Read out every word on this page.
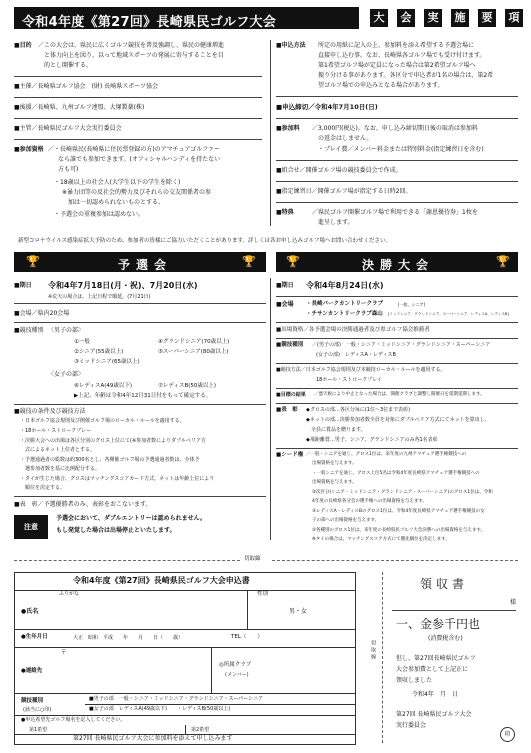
令和4年度《第27回》長崎県民ゴルフ大会	大	会	実	施	要	項
■目的 ／この大会は、県民に広くゴルフ競技を普及強調し、県民の健康増進
と体力向上を図り、以って地域スポーツの発展に寄与することを目
的とし開催する。
■主催／長崎県ゴルフ協会　(財) 長崎県スポーツ協会
■後援／長崎県、九州ゴルフ連盟、大塚製薬(株)
■主管／長崎県民ゴルフ大会実行委員会
■参加資格 ／・長崎県民(長崎県に住民票登録の方)のアマチュアゴルファー
なら誰でも参加できます。(オフィシャルハンディを持たない
方も可)
・18歳以上の社会人(大学生以下の学生を除く)
※暴力団等の反社会的勢力及びそれらの交友関係者の参
加は一切認められないものとする。
・予選会の重複参加は認めない。
■申込方法 所定の用紙に記入の上、参加料を添え希望する予選会場に
直接申し込む事。なお、長崎県各ゴルフ場でも受け付けます。
第1希望ゴルフ場が定員になった場合は第2希望ゴルフ場へ
振り分ける事があります。各区分で申込者が1名の場合は、第2希
望ゴルフ場での申込みとなる場合があります。
■申込締切／令和4年7月10日(日)
■参加料 ／3,000円(税込)。なお、申し込み締切期日後の取消は参加料
の返金はしません。
・プレイ費／メンバー料金または特別料金(指定練習日を含む)
■組合せ／開催ゴルフ場の競技委員会で作成。
■指定練習日／開催ゴルフ場が指定する日時2回。
■特典	／県民ゴルフ開催ゴルフ場で利用できる「謝恩優待券」1枚を
進呈します。
新型コロナウイルス感染症拡大予防のため、参加者の皆様にご協力いただくことがあります。詳しくは各お申し込みゴルフ場へお問い合わせください。
🏆	予選会	🏆	🏆	決勝大会	🏆
■期日 令和4年7月18日(月・祝)、7月20日(水)
※荒天の場合は、上記日程で順延。(7月21日)
■会場／県内20会場
■競技種別 〈男子の部〉
①一般
②シニア(55歳以上)
③ミッドシニア(65歳以上)
④グランドシニア(70歳以上)
⑤スーパーシニア(80歳以上)
〈女子の部〉
⑥レディスA(49歳以下)	⑦レディスB(50歳以上)
▶上記、年齢は令和4年12月31日付をもって確定する。
■競技の条件及び競技方法
・日本ゴルフ協会規則及び開催ゴルフ場のローカル・ルールを適用する。
・18ホール・ストロークプレー
・決勝大会への出場は各区分別のグロス上位にて(※参加者数によりダブルペリア方
　式によるネット上位者とする。
・予選通過者の総数は約300名とし、各開催ゴルフ場の予選通過者数は、全体予
　選参加者数を基に比例配分する。
・タイが生じた場合、グロスはマッチングスコアカード方式、ネットは年齢上位により
　順位を決定する。
■表　彰／予選優勝者のみ、表彰をおこないます。
注意
予選会において、ダブルエントリーは認められません。
もし発覚した場合は出場停止といたします。
■期日 令和4年8月24日(水)
■会場 ・長崎パークカントリークラブ	[一般、シニア]
・チサンカントリークラブ森山 [ミッドシニア、グランドシニア、スーパーシニア、レディスA、レディスB]
■出場資格／各予選会場の決勝通過者及び県ゴルフ協会推薦者
■競技種別 ／(男子の部)　一般・シニア・ミッドシニア・グランドシニア・スーパーシニア
(女子の部)　レディスA・レディスB
■競技方法／日本ゴルフ協会規則及び本競技ローカル・ルールを適用する。
18ホール・ストロークプレイ
■目標の結果 ／悪天候により中止となった場合は、開催クラブと調整し開催日を延期延期します。
■表　彰 ◆グロスの部…各区分毎に(1位～3位まで表彰)
◆ネットの部…決勝参加者数全員を対象にダブルペリア方式にてネットを算出し、
　全員に賞品を贈ります。
◆飛距離賞…男子、シニア、グランドシニアのみ各1名表彰
■シード権 ／一般・シニアを通じ、グロス1位は、来年度の九州アマチュア選手権競技への
出場資格を与えます。
・一般シニアを通じ、グロス上位5名は令和4年度長崎県アマチュア選手権競技への
出場資格を与えます。
②次区分(シニア・ミッドシニア・グランドシニア・スーパーシニア)のグロス1位は、令和
4年度の長崎県各分会の選手権への出場資格を与えます。
③レディスA・レディスBのグロス1位は、令和4年度長崎県アマチュア選手権競技の女
子の部への出場資格を与えます。
⑤各種別のグロス1位は、来年度の長崎県民ゴルフ大会決勝への出場資格を与えます。
※タイの場合は、マッチングスコア方式にて優先順位を決定します。
切取線
令和4年度《第27回》長崎県民ゴルフ大会申込書
ふりがな	性別
●氏名	男・女
●生年月日	大正　昭和　平成　　年　　月　　日（　　歳）	TEL（　　）
〒
●連絡先
◎所属クラブ
(メンバー)
競技種別
(該当に○印)
■男子の部　一般・シニア・ミッドシニア・グランドシニア・スーパーシニア
■女子の部　レディスA(49歳以下)　　・レディスB(50歳以上)
●申込希望先ゴルフ場名を記入してください。
第1希望	第2希望
第27回 長崎県民ゴルフ大会に参加料を添えて申し込みます
切取線
領収書
様
一、金参千円也
(消費税含む)
但し、第27回長崎県民ゴルフ
大会参加費として上記正に
領収しました
令和4年　月　日
第27回 長崎県民ゴルフ大会
実行委員会
印
